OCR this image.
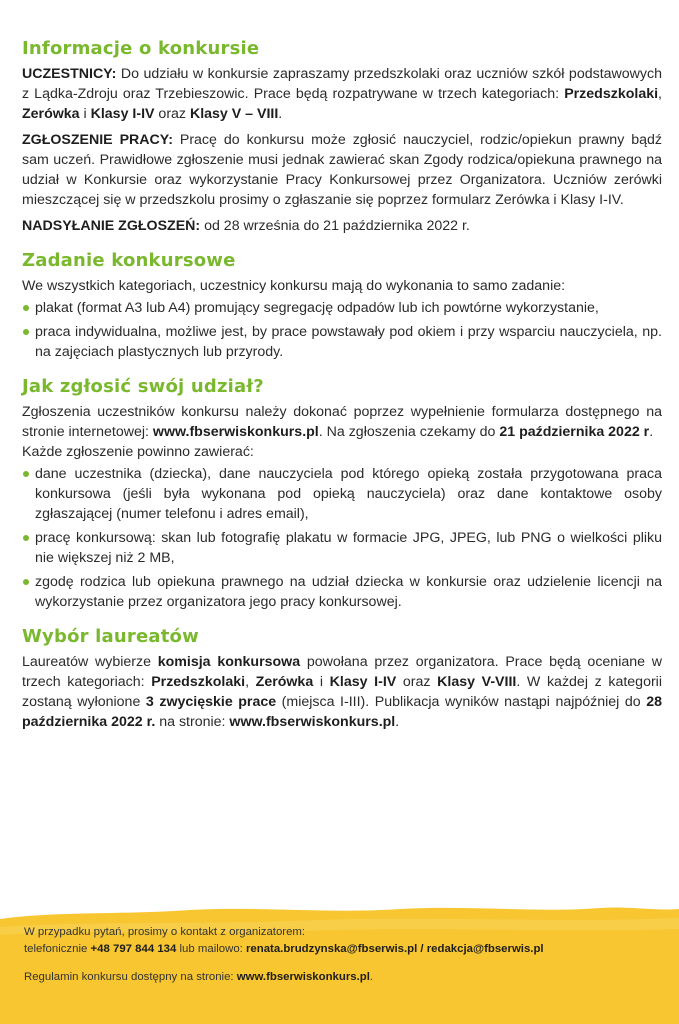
Informacje o konkursie

UCZESTNICY: Do udziału w konkursie zapraszamy przedszkolaki oraz uczniów szkół podstawowych z Lądka-Zdroju oraz Trzebieszowic. Prace będą rozpatrywane w trzech kategoriach: Przedszkolaki, Zerówka i Klasy I-IV oraz Klasy V – VIII.

ZGŁOSZENIE PRACY: Pracę do konkursu może zgłosić nauczyciel, rodzic/opiekun prawny bądź sam uczeń. Prawidłowe zgłoszenie musi jednak zawierać skan Zgody rodzica/opiekuna prawnego na udział w Konkursie oraz wykorzystanie Pracy Konkursowej przez Organizatora. Uczniów zerówki mieszczącej się w przedszkolu prosimy o zgłaszanie się poprzez formularz Zerówka i Klasy I-IV.

NADSYŁANIE ZGŁOSZEŃ: od 28 września do 21 października 2022 r.

Zadanie konkursowe

We wszystkich kategoriach, uczestnicy konkursu mają do wykonania to samo zadanie:

plakat (format A3 lub A4) promujący segregację odpadów lub ich powtórne wykorzystanie,
praca indywidualna, możliwe jest, by prace powstawały pod okiem i przy wsparciu nauczyciela, np. na zajęciach plastycznych lub przyrody.
Jak zgłosić swój udział?

Zgłoszenia uczestników konkursu należy dokonać poprzez wypełnienie formularza dostępnego na stronie internetowej: www.fbserwiskonkurs.pl. Na zgłoszenia czekamy do 21 października 2022 r.

Każde zgłoszenie powinno zawierać:

dane uczestnika (dziecka), dane nauczyciela pod którego opieką została przygotowana praca konkursowa (jeśli była wykonana pod opieką nauczyciela) oraz dane kontaktowe osoby zgłaszającej (numer telefonu i adres email),
pracę konkursową: skan lub fotografię plakatu w formacie JPG, JPEG, lub PNG o wielkości pliku nie większej niż 2 MB,
zgodę rodzica lub opiekuna prawnego na udział dziecka w konkursie oraz udzielenie licencji na wykorzystanie przez organizatora jego pracy konkursowej.
Wybór laureatów

Laureatów wybierze komisja konkursowa powołana przez organizatora. Prace będą oceniane w trzech kategoriach: Przedszkolaki, Zerówka i Klasy I-IV oraz Klasy V-VIII. W każdej z kategorii zostaną wyłonione 3 zwycięskie prace (miejsca I-III). Publikacja wyników nastąpi najpóźniej do 28 października 2022 r. na stronie: www.fbserwiskonkurs.pl.

W przypadku pytań, prosimy o kontakt z organizatorem:

telefonicznie +48 797 844 134 lub mailowo: renata.brudzynska@fbserwis.pl / redakcja@fbserwis.pl

Regulamin konkursu dostępny na stronie: www.fbserwiskonkurs.pl.
